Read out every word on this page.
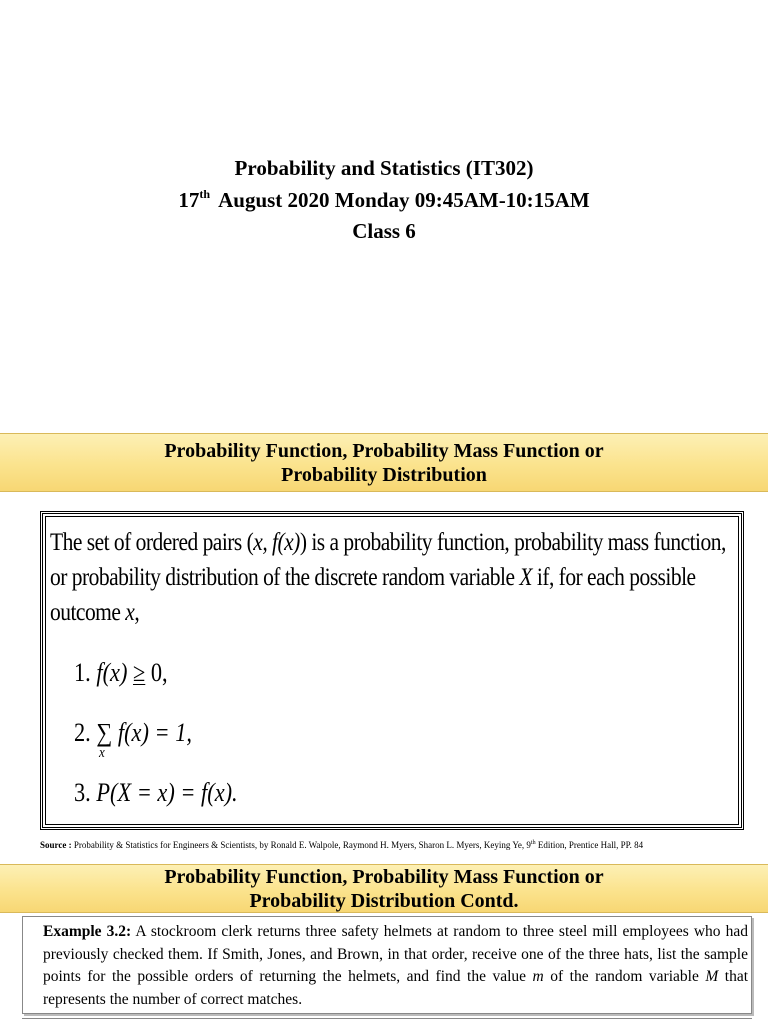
Probability and Statistics (IT302)
17th August 2020 Monday 09:45AM-10:15AM
Class 6
Probability Function, Probability Mass Function or
Probability Distribution
The set of ordered pairs (x, f(x)) is a probability function, probability mass function, or probability distribution of the discrete random variable X if, for each possible outcome x,
1. f(x) ≥ 0,
2. ∑
x
f(x) = 1,
3. P(X = x) = f(x).
Source : Probability & Statistics for Engineers & Scientists, by Ronald E. Walpole, Raymond H. Myers, Sharon L. Myers, Keying Ye, 9th Edition, Prentice Hall, PP. 84
Probability Function, Probability Mass Function or
Probability Distribution Contd.
Example 3.2: A stockroom clerk returns three safety helmets at random to three steel mill employees who had previously checked them. If Smith, Jones, and Brown, in that order, receive one of the three hats, list the sample points for the possible orders of returning the helmets, and find the value m of the random variable M that represents the number of correct matches.
